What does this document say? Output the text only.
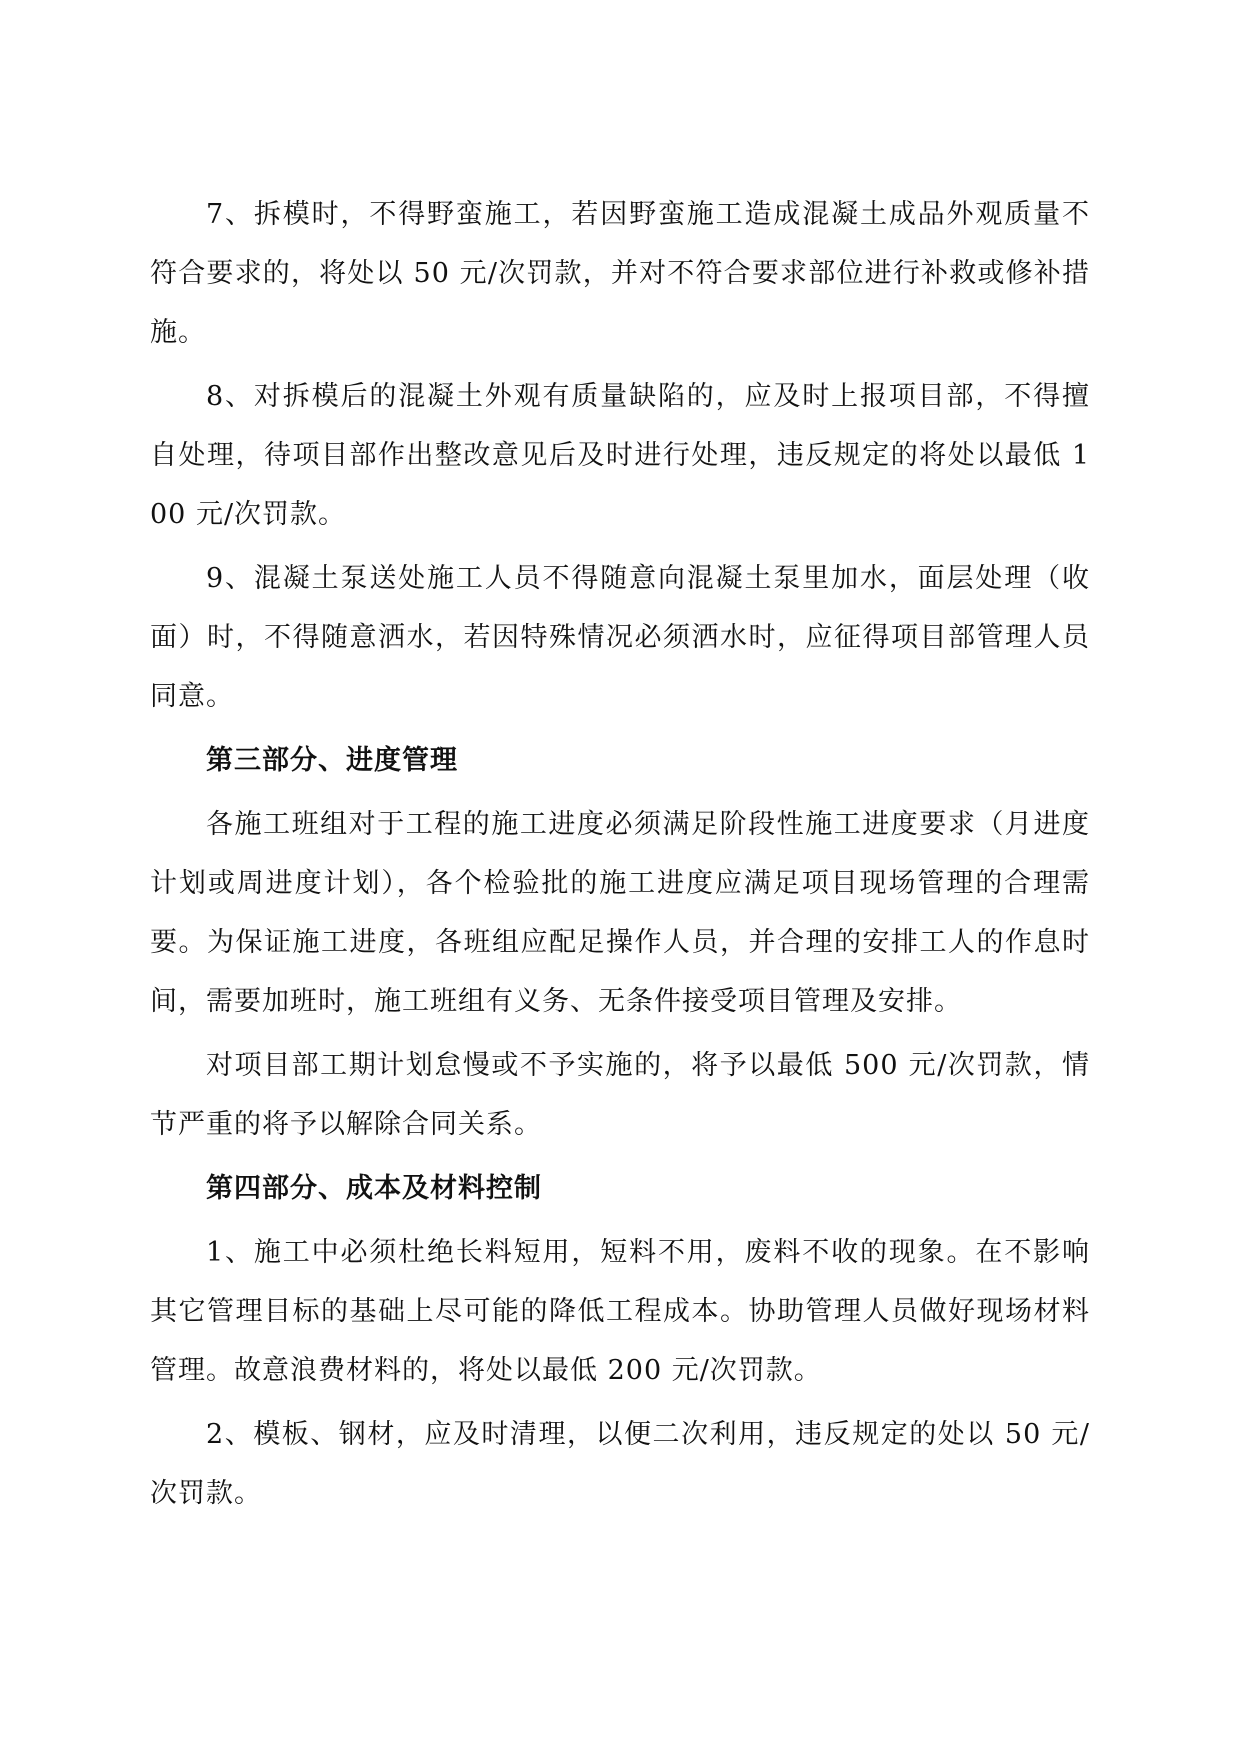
7、拆模时，不得野蛮施工，若因野蛮施工造成混凝土成品外观质量不符合要求的，将处以 50 元/次罚款，并对不符合要求部位进行补救或修补措施。

8、对拆模后的混凝土外观有质量缺陷的，应及时上报项目部，不得擅自处理，待项目部作出整改意见后及时进行处理，违反规定的将处以最低 100 元/次罚款。

9、混凝土泵送处施工人员不得随意向混凝土泵里加水，面层处理（收面）时，不得随意洒水，若因特殊情况必须洒水时，应征得项目部管理人员同意。

第三部分、进度管理

各施工班组对于工程的施工进度必须满足阶段性施工进度要求（月进度计划或周进度计划），各个检验批的施工进度应满足项目现场管理的合理需要。为保证施工进度，各班组应配足操作人员，并合理的安排工人的作息时间，需要加班时，施工班组有义务、无条件接受项目管理及安排。

对项目部工期计划怠慢或不予实施的，将予以最低 500 元/次罚款，情节严重的将予以解除合同关系。

第四部分、成本及材料控制

1、施工中必须杜绝长料短用，短料不用，废料不收的现象。在不影响其它管理目标的基础上尽可能的降低工程成本。协助管理人员做好现场材料管理。故意浪费材料的，将处以最低 200 元/次罚款。

2、模板、钢材，应及时清理，以便二次利用，违反规定的处以 50 元/次罚款。
